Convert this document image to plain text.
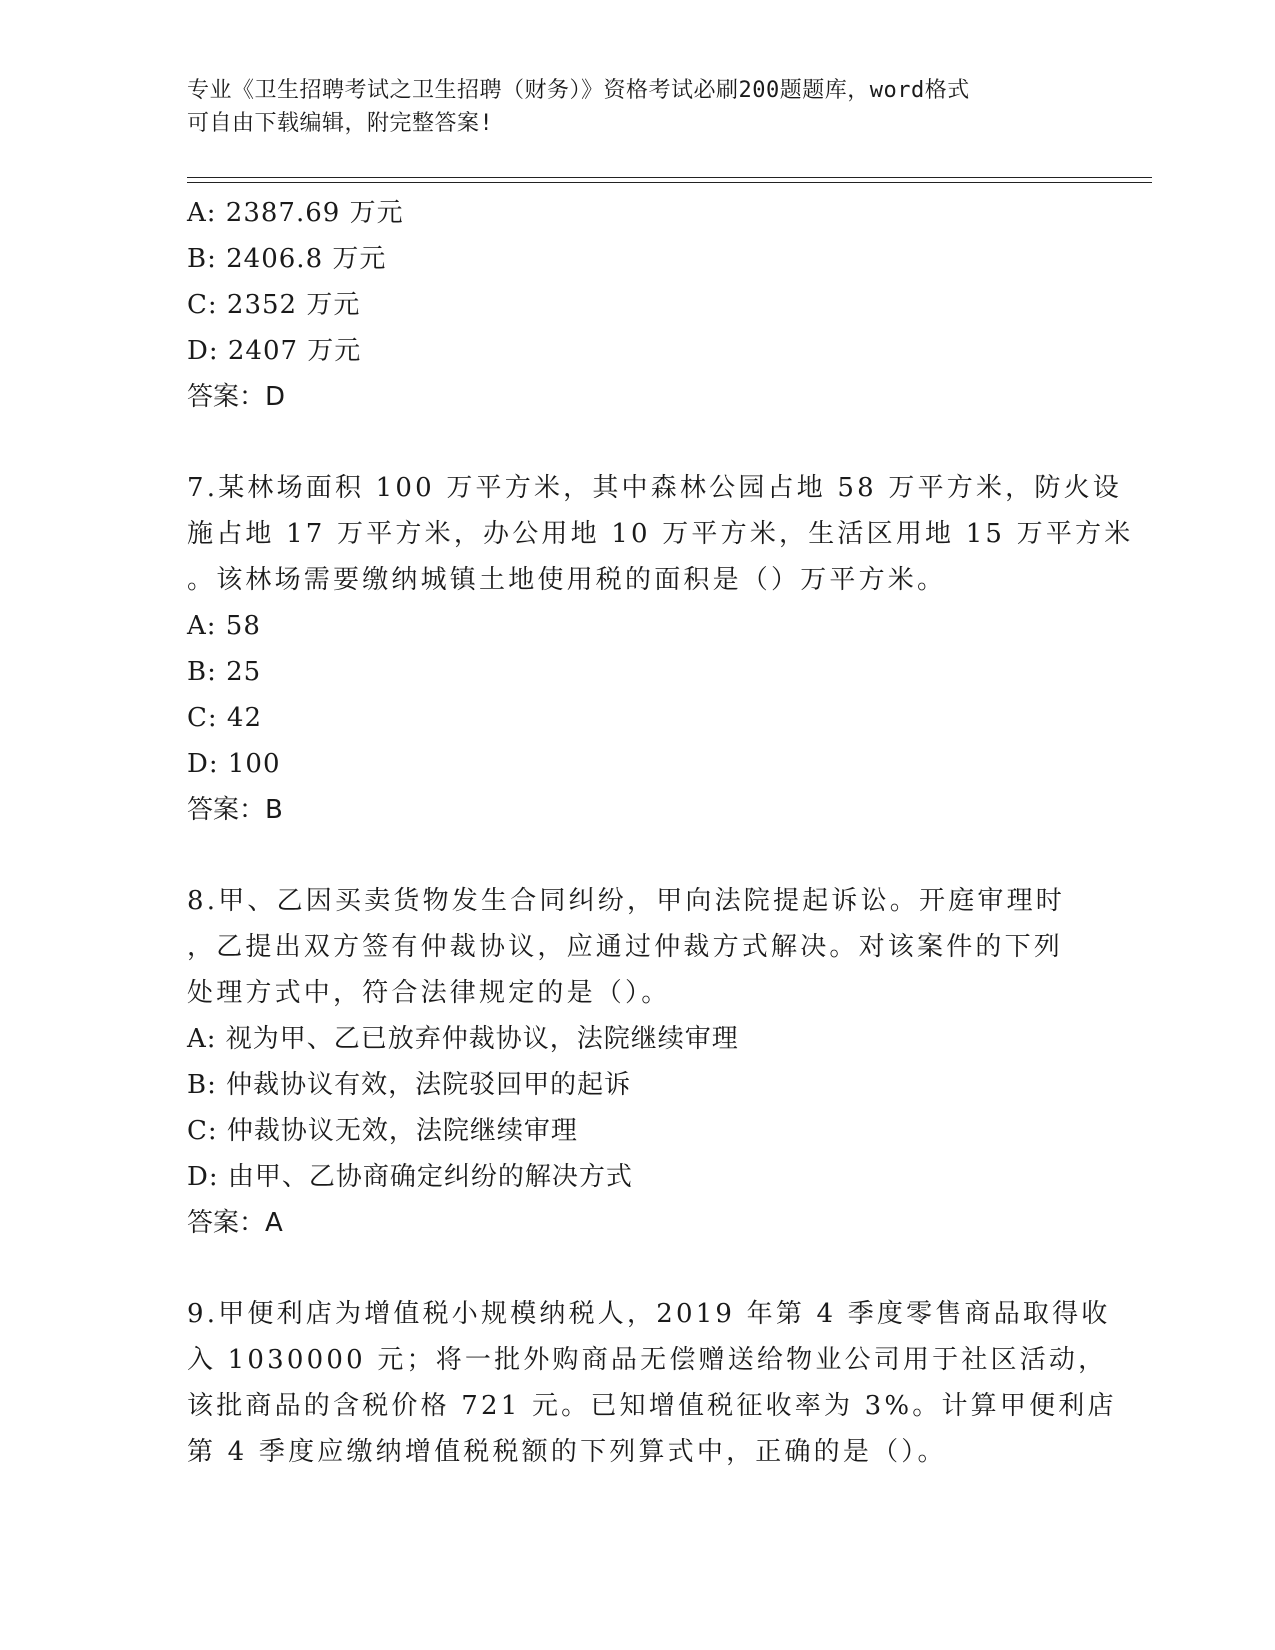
专业《卫生招聘考试之卫生招聘（财务）》资格考试必刷200题题库，word格式
可自由下载编辑，附完整答案!
A: 2387.69 万元
B: 2406.8 万元
C: 2352 万元
D: 2407 万元
答案：D
7.某林场面积 100 万平方米，其中森林公园占地 58 万平方米，防火设
施占地 17 万平方米，办公用地 10 万平方米，生活区用地 15 万平方米
。该林场需要缴纳城镇土地使用税的面积是（）万平方米。
A: 58
B: 25
C: 42
D: 100
答案：B
8.甲、乙因买卖货物发生合同纠纷，甲向法院提起诉讼。开庭审理时
，乙提出双方签有仲裁协议，应通过仲裁方式解决。对该案件的下列
处理方式中，符合法律规定的是（）。
A: 视为甲、乙已放弃仲裁协议，法院继续审理
B: 仲裁协议有效，法院驳回甲的起诉
C: 仲裁协议无效，法院继续审理
D: 由甲、乙协商确定纠纷的解决方式
答案：A
9.甲便利店为增值税小规模纳税人，2019 年第 4 季度零售商品取得收
入 1030000 元；将一批外购商品无偿赠送给物业公司用于社区活动，
该批商品的含税价格 721 元。已知增值税征收率为 3%。计算甲便利店
第 4 季度应缴纳增值税税额的下列算式中，正确的是（）。
